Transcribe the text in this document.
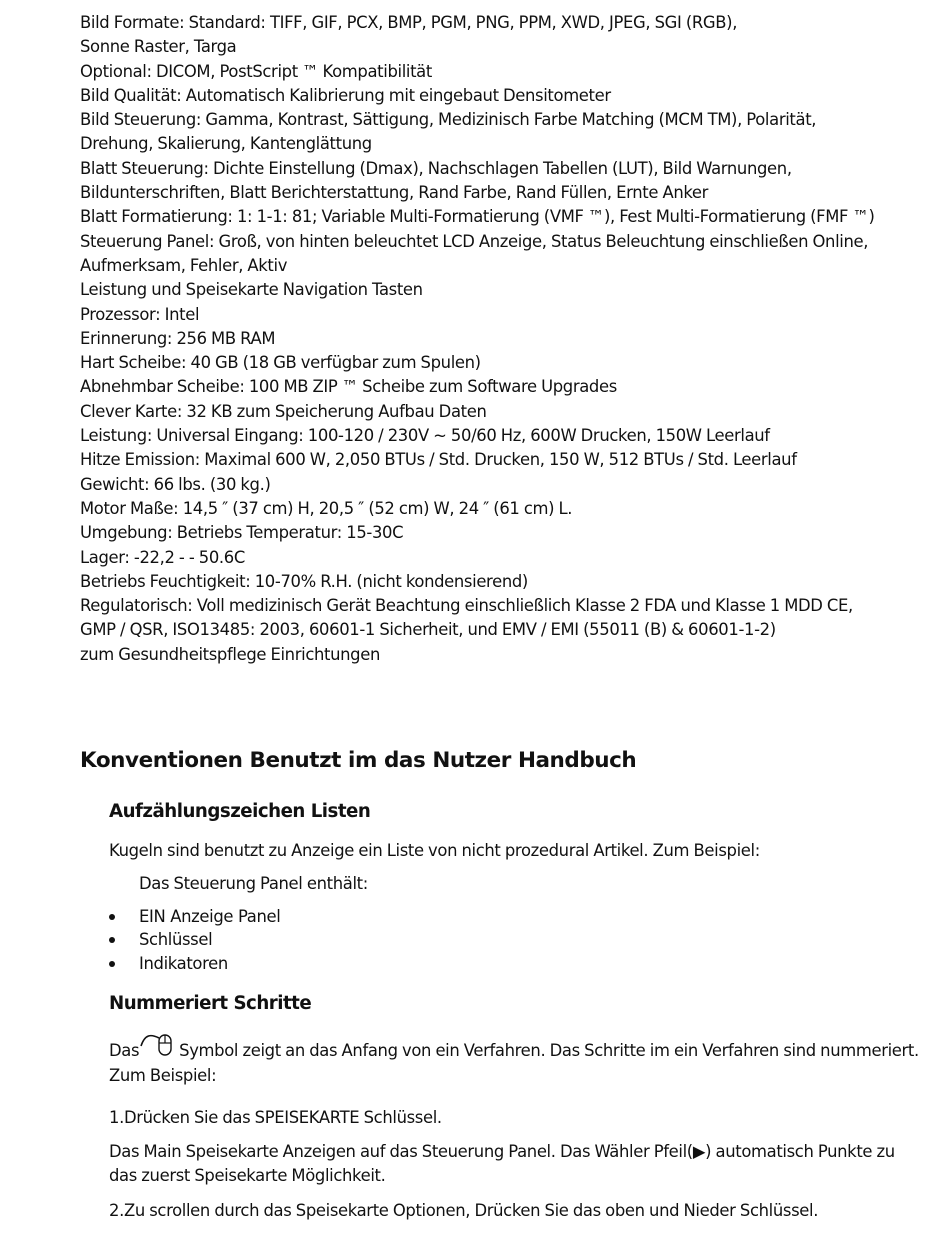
Bild Formate: Standard: TIFF, GIF, PCX, BMP, PGM, PNG, PPM, XWD, JPEG, SGI (RGB),
Sonne Raster, Targa
Optional: DICOM, PostScript ™ Kompatibilität
Bild Qualität: Automatisch Kalibrierung mit eingebaut Densitometer
Bild Steuerung: Gamma, Kontrast, Sättigung, Medizinisch Farbe Matching (MCM TM), Polarität,
Drehung, Skalierung, Kantenglättung
Blatt Steuerung: Dichte Einstellung (Dmax), Nachschlagen Tabellen (LUT), Bild Warnungen,
Bildunterschriften, Blatt Berichterstattung, Rand Farbe, Rand Füllen, Ernte Anker
Blatt Formatierung: 1: 1-1: 81; Variable Multi-Formatierung (VMF ™), Fest Multi-Formatierung (FMF ™)
Steuerung Panel: Groß, von hinten beleuchtet LCD Anzeige, Status Beleuchtung einschließen Online,
Aufmerksam, Fehler, Aktiv
Leistung und Speisekarte Navigation Tasten
Prozessor: Intel
Erinnerung: 256 MB RAM
Hart Scheibe: 40 GB (18 GB verfügbar zum Spulen)
Abnehmbar Scheibe: 100 MB ZIP ™ Scheibe zum Software Upgrades
Clever Karte: 32 KB zum Speicherung Aufbau Daten
Leistung: Universal Eingang: 100-120 / 230V ~ 50/60 Hz, 600W Drucken, 150W Leerlauf
Hitze Emission: Maximal 600 W, 2,050 BTUs / Std. Drucken, 150 W, 512 BTUs / Std. Leerlauf
Gewicht: 66 lbs. (30 kg.)
Motor Maße: 14,5 ″ (37 cm) H, 20,5 ″ (52 cm) W, 24 ″ (61 cm) L.
Umgebung: Betriebs Temperatur: 15-30C
Lager: -22,2 - - 50.6C
Betriebs Feuchtigkeit: 10-70% R.H. (nicht kondensierend)
Regulatorisch: Voll medizinisch Gerät Beachtung einschließlich Klasse 2 FDA und Klasse 1 MDD CE,
GMP / QSR, ISO13485: 2003, 60601-1 Sicherheit, und EMV / EMI (55011 (B) & 60601-1-2)
zum Gesundheitspflege Einrichtungen
Konventionen Benutzt im das Nutzer Handbuch
Aufzählungszeichen Listen

Kugeln sind benutzt zu Anzeige ein Liste von nicht prozedural Artikel. Zum Beispiel:

Das Steuerung Panel enthält:

EIN Anzeige Panel
Schlüssel
Indikatoren
Nummeriert Schritte

Das Symbol zeigt an das Anfang von ein Verfahren. Das Schritte im ein Verfahren sind nummeriert. Zum Beispiel:

1.Drücken Sie das SPEISEKARTE Schlüssel.

Das Main Speisekarte Anzeigen auf das Steuerung Panel. Das Wähler Pfeil(▶) automatisch Punkte zu das zuerst Speisekarte Möglichkeit.

2.Zu scrollen durch das Speisekarte Optionen, Drücken Sie das oben und Nieder Schlüssel.
